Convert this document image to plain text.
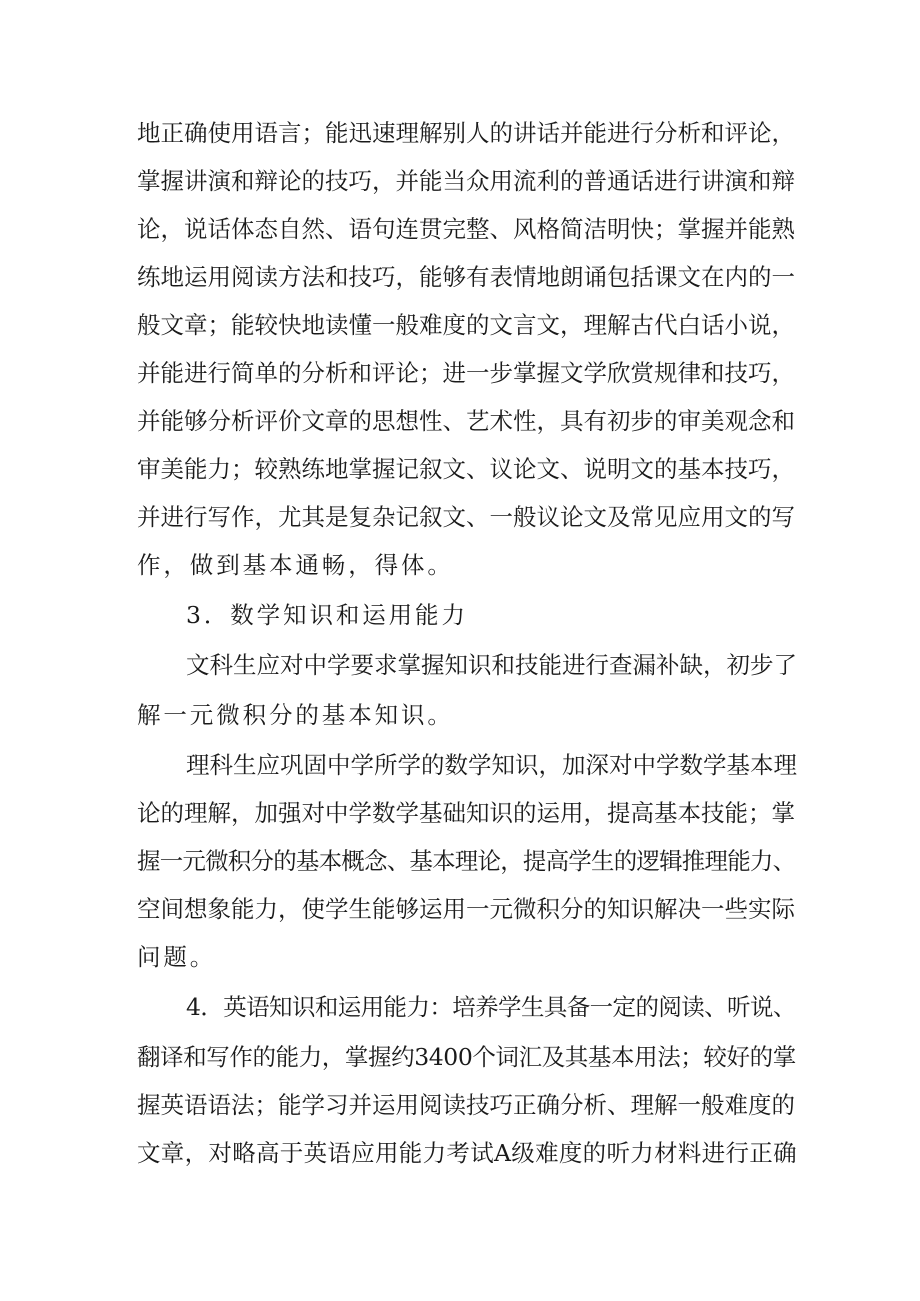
地正确使用语言；能迅速理解别人的讲话并能进行分析和评论，
掌握讲演和辩论的技巧，并能当众用流利的普通话进行讲演和辩
论，说话体态自然、语句连贯完整、风格简洁明快；掌握并能熟
练地运用阅读方法和技巧，能够有表情地朗诵包括课文在内的一
般文章；能较快地读懂一般难度的文言文，理解古代白话小说，
并能进行简单的分析和评论；进一步掌握文学欣赏规律和技巧，
并能够分析评价文章的思想性、艺术性，具有初步的审美观念和
审美能力；较熟练地掌握记叙文、议论文、说明文的基本技巧，
并进行写作，尤其是复杂记叙文、一般议论文及常见应用文的写
作，做到基本通畅，得体。
3．数学知识和运用能力
文科生应对中学要求掌握知识和技能进行查漏补缺，初步了
解一元微积分的基本知识。
理科生应巩固中学所学的数学知识，加深对中学数学基本理
论的理解，加强对中学数学基础知识的运用，提高基本技能；掌
握一元微积分的基本概念、基本理论，提高学生的逻辑推理能力、
空间想象能力，使学生能够运用一元微积分的知识解决一些实际
问题。
4．英语知识和运用能力：培养学生具备一定的阅读、听说、
翻译和写作的能力，掌握约3400个词汇及其基本用法；较好的掌
握英语语法；能学习并运用阅读技巧正确分析、理解一般难度的
文章，对略高于英语应用能力考试A级难度的听力材料进行正确
